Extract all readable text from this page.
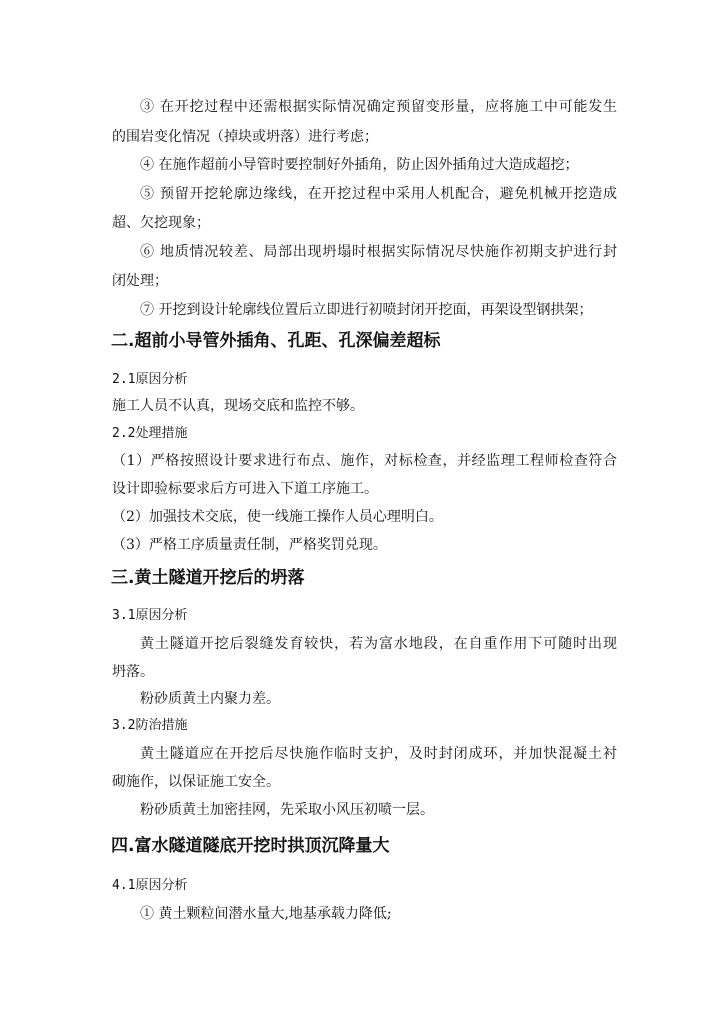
③ 在开挖过程中还需根据实际情况确定预留变形量，应将施工中可能发生

的围岩变化情况（掉块或坍落）进行考虑；

④ 在施作超前小导管时要控制好外插角，防止因外插角过大造成超挖；

⑤ 预留开挖轮廓边缘线，在开挖过程中采用人机配合，避免机械开挖造成

超、欠挖现象；

⑥ 地质情况较差、局部出现坍塌时根据实际情况尽快施作初期支护进行封

闭处理；

⑦ 开挖到设计轮廓线位置后立即进行初喷封闭开挖面，再架设型钢拱架；

二.超前小导管外插角、孔距、孔深偏差超标

2.1原因分析

施工人员不认真，现场交底和监控不够。

2.2处理措施

（1）严格按照设计要求进行布点、施作，对标检查，并经监理工程师检查符合

设计即验标要求后方可进入下道工序施工。

（2）加强技术交底，使一线施工操作人员心理明白。

（3）严格工序质量责任制，严格奖罚兑现。

三.黄土隧道开挖后的坍落

3.1原因分析

黄土隧道开挖后裂缝发育较快，若为富水地段，在自重作用下可随时出现

坍落。

粉砂质黄土内聚力差。

3.2防治措施

黄土隧道应在开挖后尽快施作临时支护，及时封闭成环，并加快混凝土衬

砌施作，以保证施工安全。

粉砂质黄土加密挂网，先采取小风压初喷一层。

四.富水隧道隧底开挖时拱顶沉降量大

4.1原因分析

① 黄土颗粒间潜水量大,地基承载力降低;
